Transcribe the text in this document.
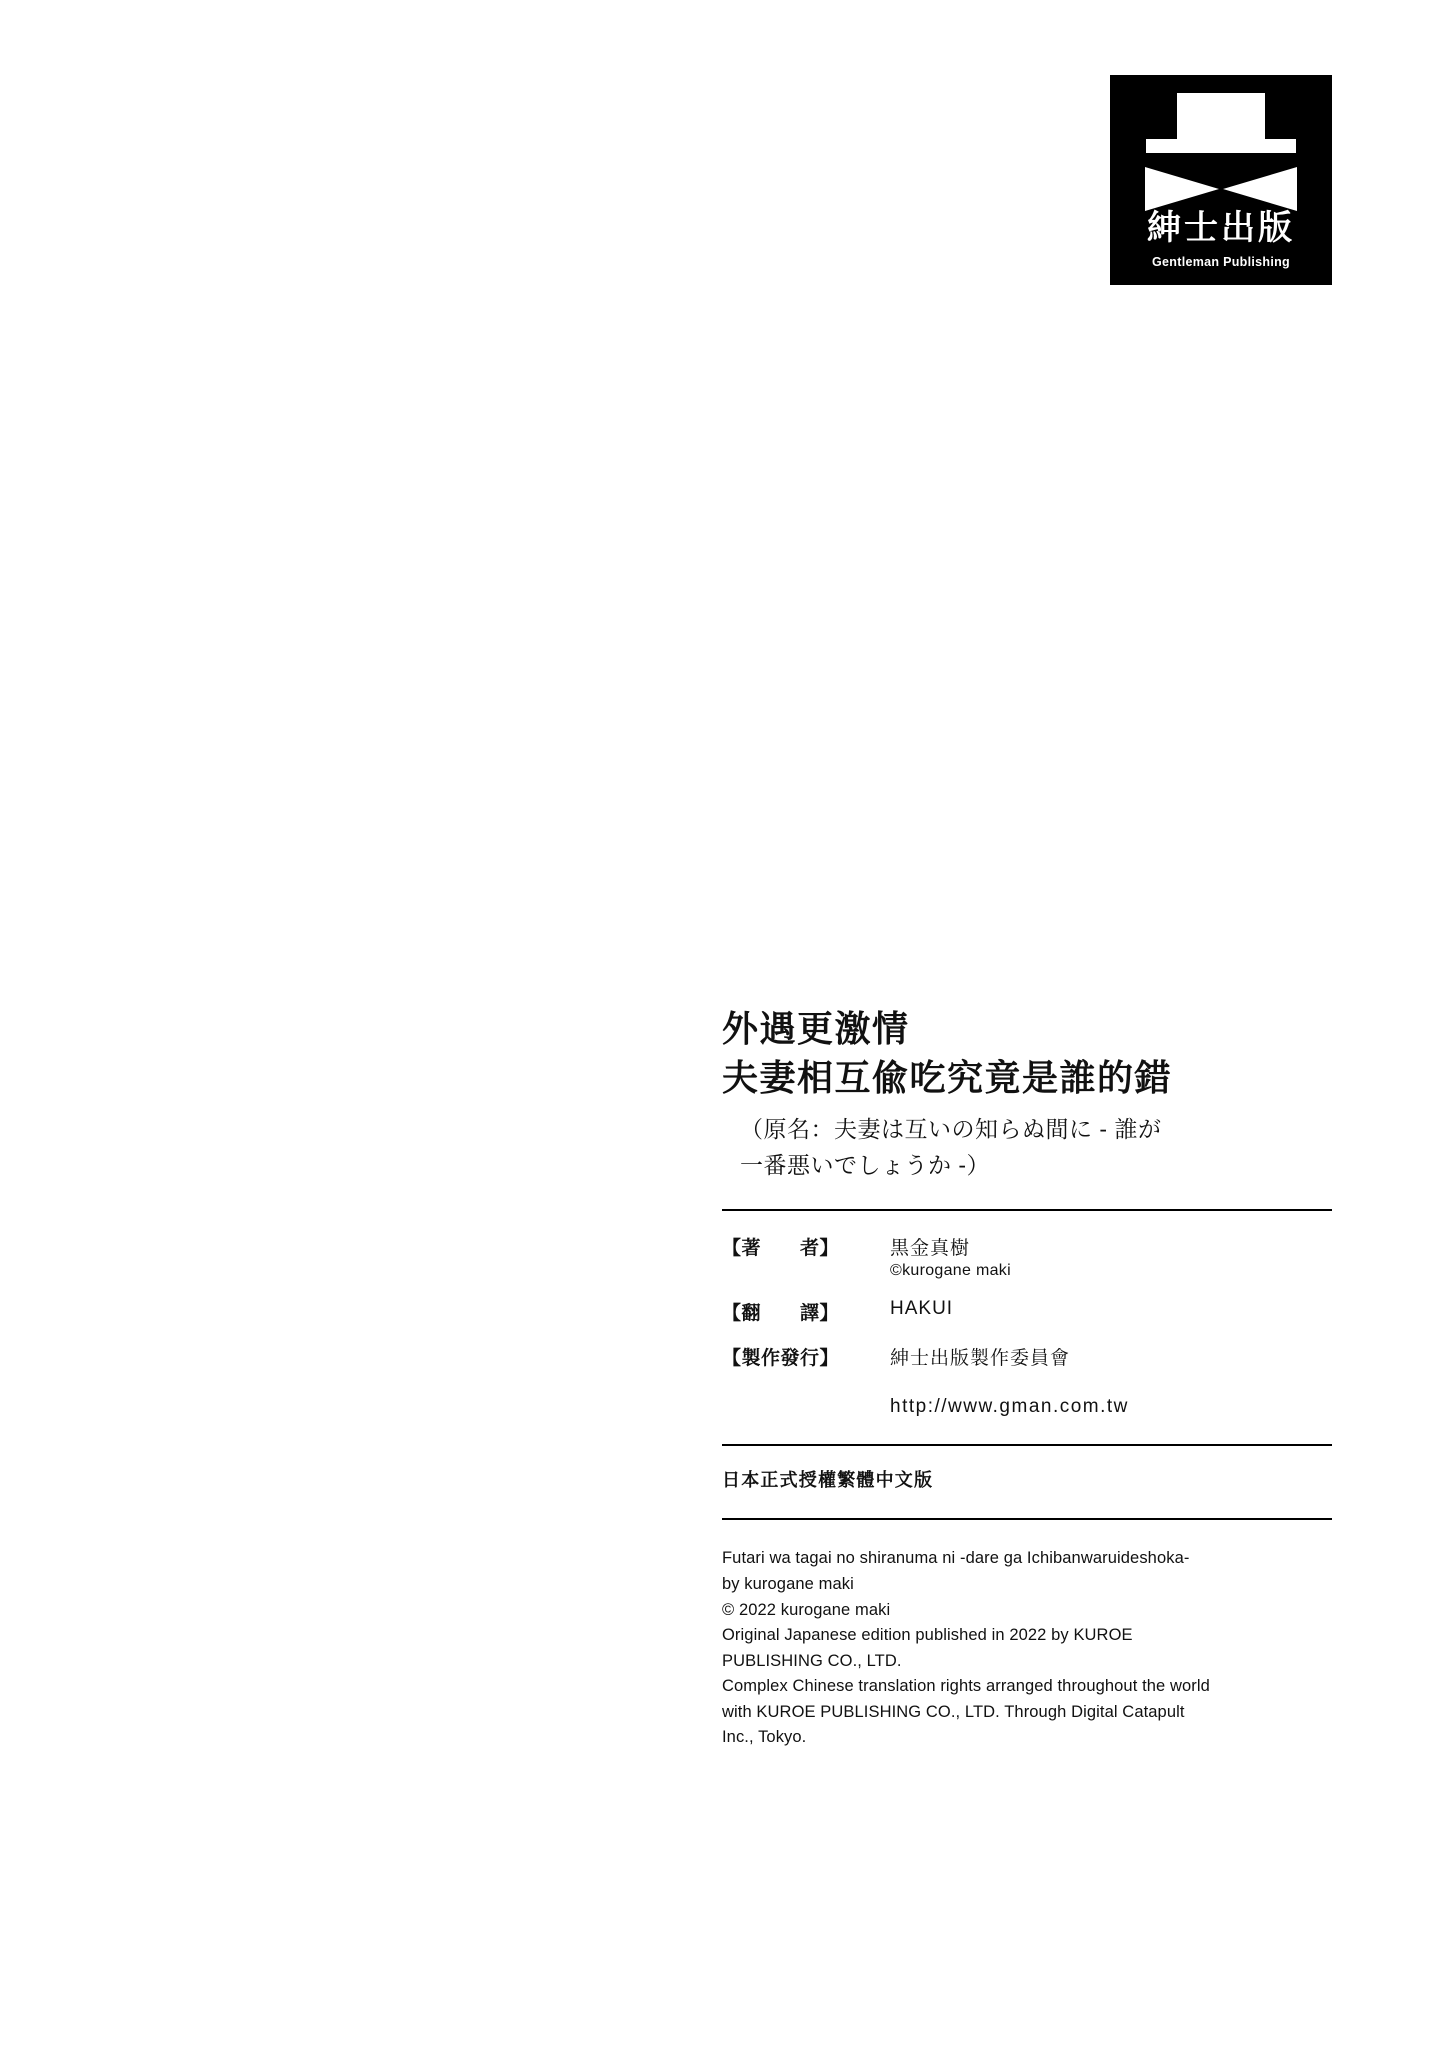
紳士出版
Gentleman Publishing
外遇更激情
夫妻相互偸吃究竟是誰的錯
（原名：夫妻は互いの知らぬ間に - 誰が
一番悪いでしょうか -）
【著　　者】	黒金真樹
©kurogane maki
【翻　　譯】	HAKUI
【製作發行】	紳士出版製作委員會
http://www.gman.com.tw
日本正式授權繁體中文版

Futari wa tagai no shiranuma ni -dare ga Ichibanwaruideshoka-

by kurogane maki

© 2022 kurogane maki

Original Japanese edition published in 2022 by KUROE

PUBLISHING CO., LTD.

Complex Chinese translation rights arranged throughout the world

with KUROE PUBLISHING CO., LTD. Through Digital Catapult

Inc., Tokyo.
